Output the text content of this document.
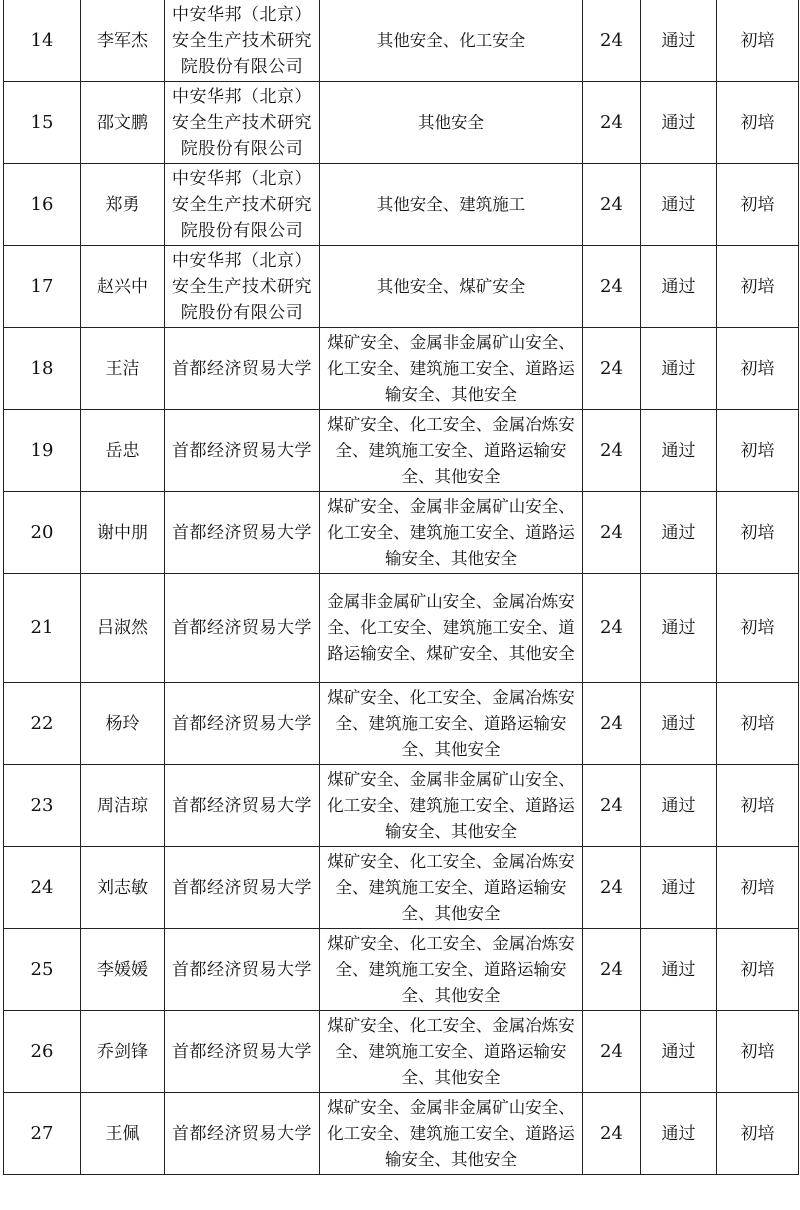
14	李军杰	中安华邦（北京）安全生产技术研究院股份有限公司	其他安全、化工安全	24	通过	初培
15	邵文鹏	中安华邦（北京）安全生产技术研究院股份有限公司	其他安全	24	通过	初培
16	郑勇	中安华邦（北京）安全生产技术研究院股份有限公司	其他安全、建筑施工	24	通过	初培
17	赵兴中	中安华邦（北京）安全生产技术研究院股份有限公司	其他安全、煤矿安全	24	通过	初培
18	王洁	首都经济贸易大学	煤矿安全、金属非金属矿山安全、化工安全、建筑施工安全、道路运输安全、其他安全	24	通过	初培
19	岳忠	首都经济贸易大学	煤矿安全、化工安全、金属冶炼安全、建筑施工安全、道路运输安全、其他安全	24	通过	初培
20	谢中朋	首都经济贸易大学	煤矿安全、金属非金属矿山安全、化工安全、建筑施工安全、道路运输安全、其他安全	24	通过	初培
21	吕淑然	首都经济贸易大学	金属非金属矿山安全、金属冶炼安全、化工安全、建筑施工安全、道路运输安全、煤矿安全、其他安全	24	通过	初培
22	杨玲	首都经济贸易大学	煤矿安全、化工安全、金属冶炼安全、建筑施工安全、道路运输安全、其他安全	24	通过	初培
23	周洁琼	首都经济贸易大学	煤矿安全、金属非金属矿山安全、化工安全、建筑施工安全、道路运输安全、其他安全	24	通过	初培
24	刘志敏	首都经济贸易大学	煤矿安全、化工安全、金属冶炼安全、建筑施工安全、道路运输安全、其他安全	24	通过	初培
25	李媛媛	首都经济贸易大学	煤矿安全、化工安全、金属冶炼安全、建筑施工安全、道路运输安全、其他安全	24	通过	初培
26	乔剑锋	首都经济贸易大学	煤矿安全、化工安全、金属冶炼安全、建筑施工安全、道路运输安全、其他安全	24	通过	初培
27	王佩	首都经济贸易大学	煤矿安全、金属非金属矿山安全、化工安全、建筑施工安全、道路运输安全、其他安全	24	通过	初培
